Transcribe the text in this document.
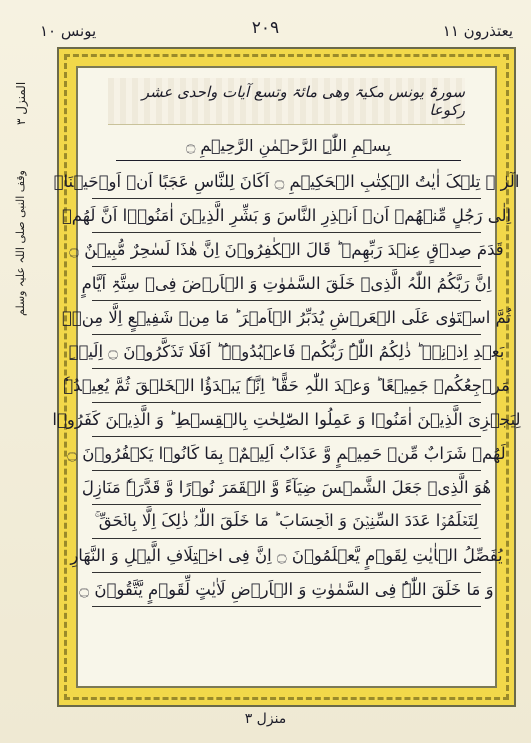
یعتذرون ۱۱
۲۰۹
یونس ۱۰
المنزل ۳
وقف النبی صلی اللہ علیہ وسلم
سورۃ یونس مکیۃ وھی مائۃ وتسع آیات واحدی عشر رکوعا
بِسۡمِ اللّٰہِ الرَّحۡمٰنِ الرَّحِیۡمِ ۝
الٓرٰ ۚ تِلۡکَ اٰیٰتُ الۡکِتٰبِ الۡحَکِیۡمِ ۝ اَکَانَ لِلنَّاسِ عَجَبًا اَنۡ اَوۡحَیۡنَاۤ
اِلٰی رَجُلٍ مِّنۡھُمۡ اَنۡ اَنۡذِرِ النَّاسَ وَ بَشِّرِ الَّذِیۡنَ اٰمَنُوۡۤا اَنَّ لَھُمۡ
قَدَمَ صِدۡقٍ عِنۡدَ رَبِّھِمۡ ؕ قَالَ الۡکٰفِرُوۡنَ اِنَّ ھٰذَا لَسٰحِرٌ مُّبِیۡنٌ ۝
اِنَّ رَبَّکُمُ اللّٰہُ الَّذِیۡ خَلَقَ السَّمٰوٰتِ وَ الۡاَرۡضَ فِیۡ سِتَّۃِ اَیَّامٍ
ثُمَّ اسۡتَوٰی عَلَی الۡعَرۡشِ یُدَبِّرُ الۡاَمۡرَ ؕ مَا مِنۡ شَفِیۡعٍ اِلَّا مِنۡۢ
بَعۡدِ اِذۡنِہٖ ؕ ذٰلِکُمُ اللّٰہُ رَبُّکُمۡ فَاعۡبُدُوۡہُ ؕ اَفَلَا تَذَکَّرُوۡنَ ۝ اِلَیۡہِ
مَرۡجِعُکُمۡ جَمِیۡعًا ؕ وَعۡدَ اللّٰہِ حَقًّا ؕ اِنَّہٗ یَبۡدَؤُا الۡخَلۡقَ ثُمَّ یُعِیۡدُہٗ
لِیَجۡزِیَ الَّذِیۡنَ اٰمَنُوۡا وَ عَمِلُوا الصّٰلِحٰتِ بِالۡقِسۡطِ ؕ وَ الَّذِیۡنَ کَفَرُوۡا
لَھُمۡ شَرَابٌ مِّنۡ حَمِیۡمٍ وَّ عَذَابٌ اَلِیۡمٌۢ بِمَا کَانُوۡا یَکۡفُرُوۡنَ ۝
ھُوَ الَّذِیۡ جَعَلَ الشَّمۡسَ ضِیَآءً وَّ الۡقَمَرَ نُوۡرًا وَّ قَدَّرَہٗ مَنَازِلَ
لِتَعۡلَمُوۡا عَدَدَ السِّنِیۡنَ وَ الۡحِسَابَ ؕ مَا خَلَقَ اللّٰہُ ذٰلِکَ اِلَّا بِالۡحَقِّ ۚ
یُفَصِّلُ الۡاٰیٰتِ لِقَوۡمٍ یَّعۡلَمُوۡنَ ۝ اِنَّ فِی اخۡتِلَافِ الَّیۡلِ وَ النَّھَارِ
وَ مَا خَلَقَ اللّٰہُ فِی السَّمٰوٰتِ وَ الۡاَرۡضِ لَاٰیٰتٍ لِّقَوۡمٍ یَّتَّقُوۡنَ ۝
منزل ۳
